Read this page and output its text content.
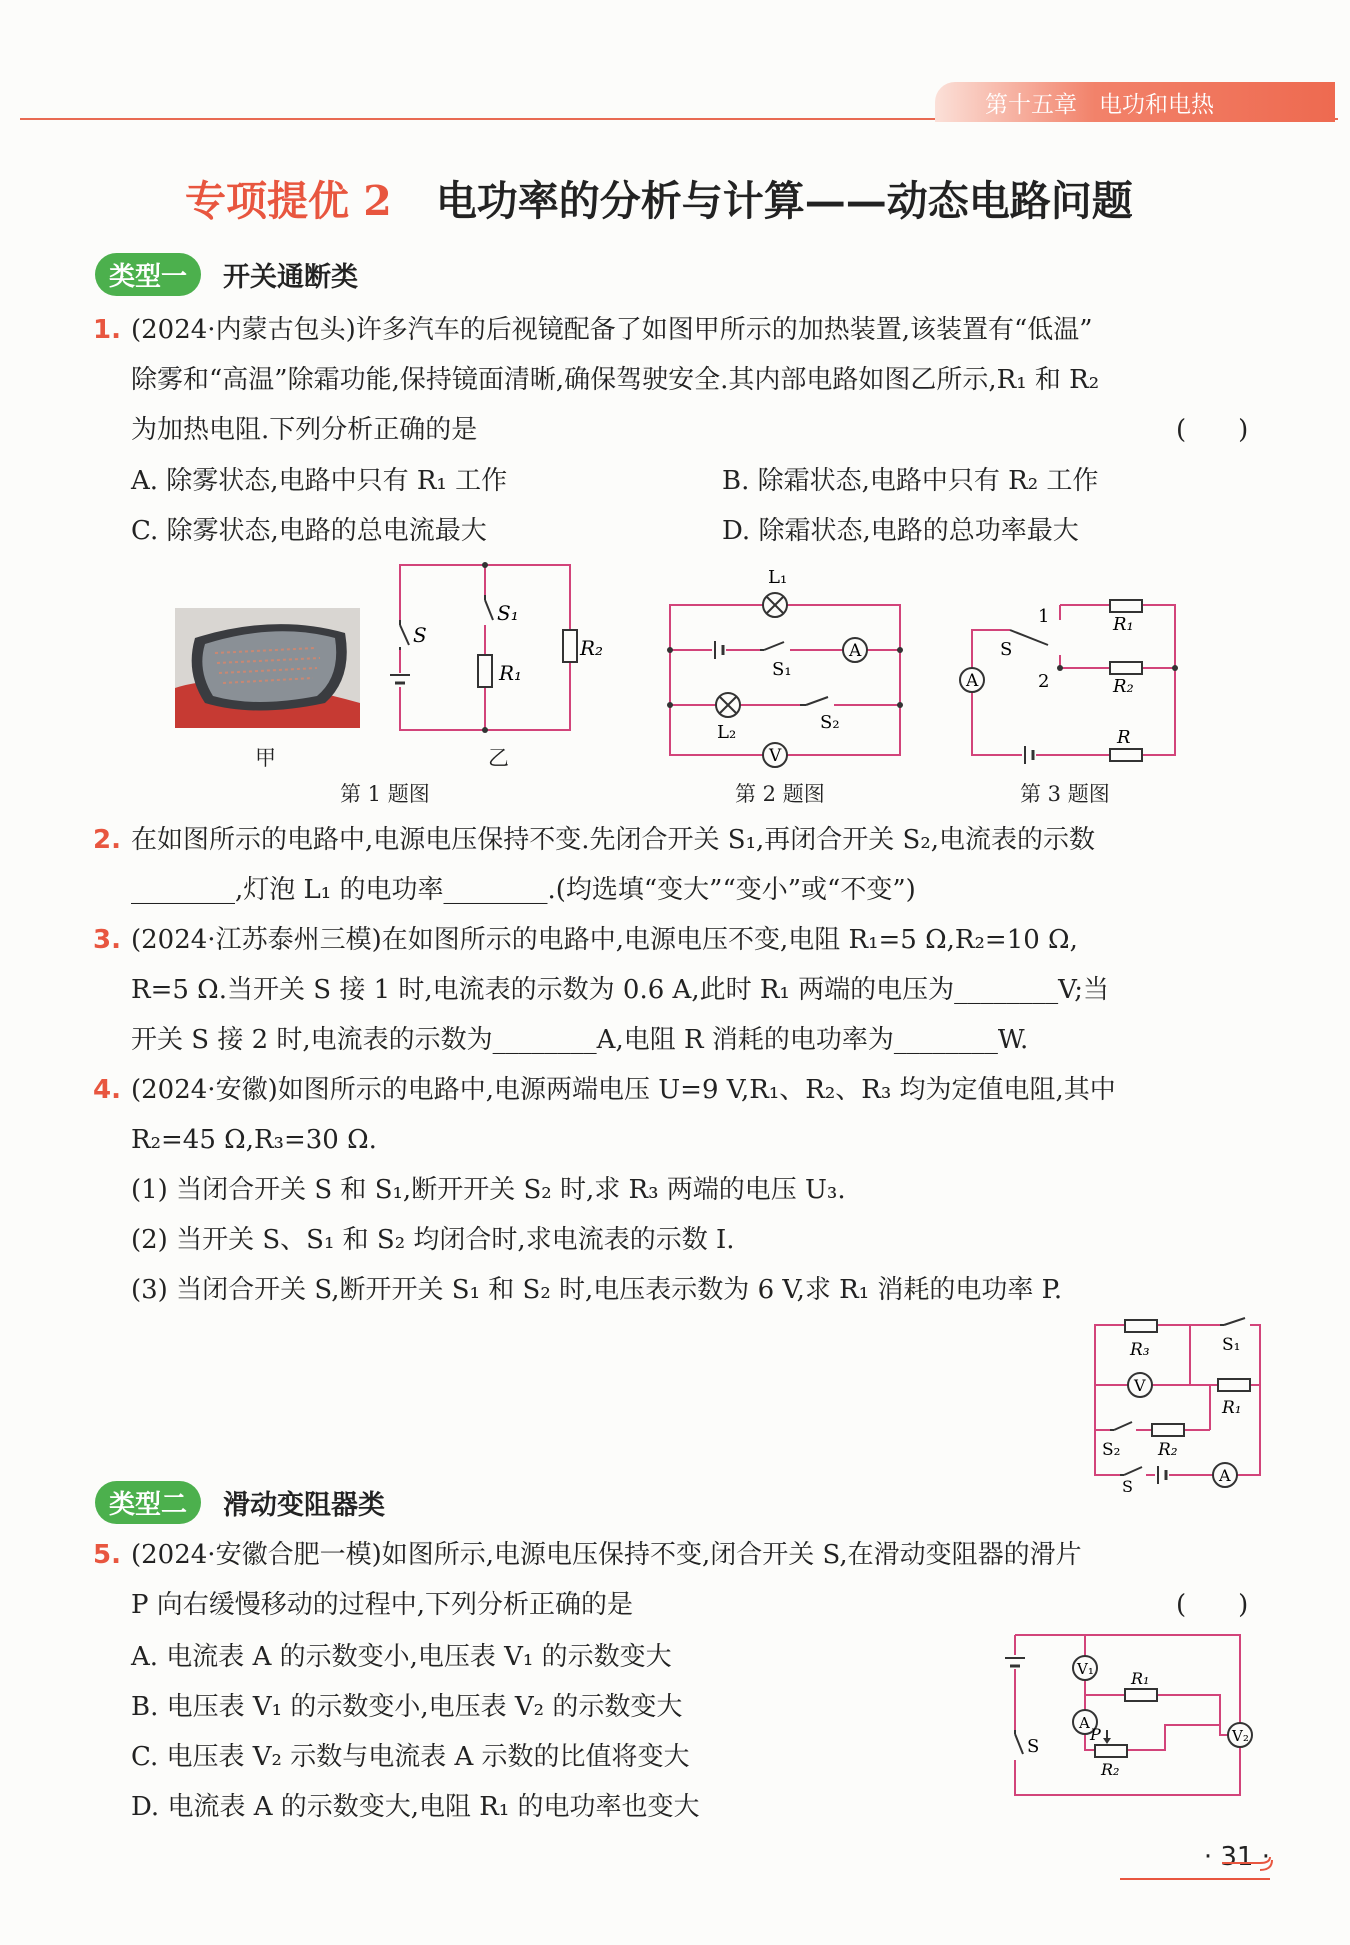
第十五章 电功和电热
专项提优 2 电功率的分析与计算——动态电路问题
类型一	开关通断类
1. (2024·内蒙古包头)许多汽车的后视镜配备了如图甲所示的加热装置,该装置有“低温”
除雾和“高温”除霜功能,保持镜面清晰,确保驾驶安全.其内部电路如图乙所示,R₁ 和 R₂
为加热电阻.下列分析正确的是	(　　)
A. 除雾状态,电路中只有 R₁ 工作	B. 除霜状态,电路中只有 R₂ 工作
C. 除雾状态,电路的总电流最大	D. 除霜状态,电路的总功率最大
甲
S
S₁
R₁
R₂
乙
第 1 题图
L₁
S₁
A
L₂	S₂
V
第 2 题图
1
2
S
R₁
R₂
A
R
第 3 题图
2. 在如图所示的电路中,电源电压保持不变.先闭合开关 S₁,再闭合开关 S₂,电流表的示数
________,灯泡 L₁ 的电功率________.(均选填“变大”“变小”或“不变”)
3. (2024·江苏泰州三模)在如图所示的电路中,电源电压不变,电阻 R₁=5 Ω,R₂=10 Ω,
R=5 Ω.当开关 S 接 1 时,电流表的示数为 0.6 A,此时 R₁ 两端的电压为________V;当
开关 S 接 2 时,电流表的示数为________A,电阻 R 消耗的电功率为________W.
4. (2024·安徽)如图所示的电路中,电源两端电压 U=9 V,R₁、R₂、R₃ 均为定值电阻,其中
R₂=45 Ω,R₃=30 Ω.
(1) 当闭合开关 S 和 S₁,断开开关 S₂ 时,求 R₃ 两端的电压 U₃.
(2) 当开关 S、S₁ 和 S₂ 均闭合时,求电流表的示数 I.
(3) 当闭合开关 S,断开开关 S₁ 和 S₂ 时,电压表示数为 6 V,求 R₁ 消耗的电功率 P.
R₃	S₁
V
R₁
S₂ R₂
S
A
类型二	滑动变阻器类
5. (2024·安徽合肥一模)如图所示,电源电压保持不变,闭合开关 S,在滑动变阻器的滑片
P 向右缓慢移动的过程中,下列分析正确的是	(　　)
A. 电流表 A 的示数变小,电压表 V₁ 的示数变大
B. 电压表 V₁ 的示数变小,电压表 V₂ 的示数变大
C. 电压表 V₂ 示数与电流表 A 示数的比值将变大
D. 电流表 A 的示数变大,电阻 R₁ 的电功率也变大
S
V₁ R₁
A
R₂
P	V₂
· 31 ·
